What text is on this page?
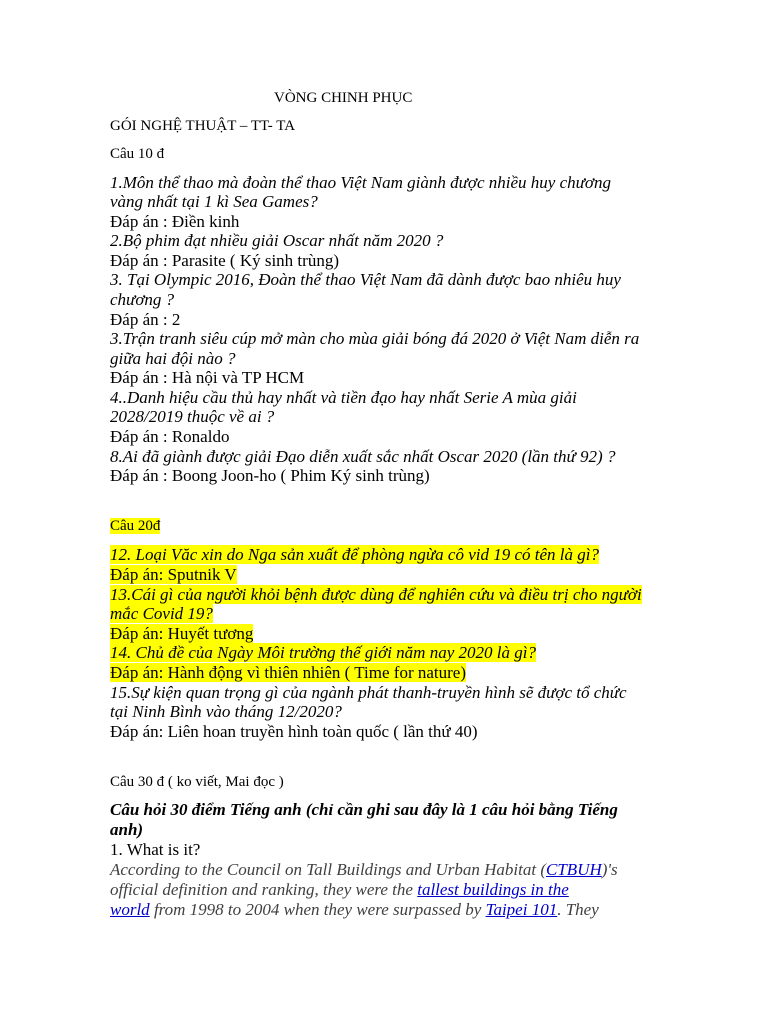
VÒNG CHINH PHỤC
GÓI NGHỆ THUẬT – TT- TA
Câu 10 đ
1.Môn thể thao mà đoàn thể thao Việt Nam giành được nhiều huy chương
vàng nhất tại 1 kì Sea Games?
Đáp án : Điền kinh
2.Bộ phim đạt nhiều giải Oscar nhất năm 2020 ?
Đáp án : Parasite ( Ký sinh trùng)
3. Tại Olympic 2016, Đoàn thể thao Việt Nam đã dành được bao nhiêu huy
chương ?
Đáp án : 2
3.Trận tranh siêu cúp mở màn cho mùa giải bóng đá 2020 ở Việt Nam diễn ra
giữa hai đội nào ?
Đáp án : Hà nội và TP HCM
4..Danh hiệu cầu thủ hay nhất và tiền đạo hay nhất Serie A mùa giải
2028/2019 thuộc về ai ?
Đáp án : Ronaldo
8.Ai đã giành được giải Đạo diễn xuất sắc nhất Oscar 2020 (lần thứ 92) ?
Đáp án : Boong Joon-ho ( Phim Ký sinh trùng)
Câu 20đ
12. Loại Văc xin do Nga sản xuất để phòng ngừa cô vid 19 có tên là gì?
Đáp án: Sputnik V
13.Cái gì của người khỏi bệnh được dùng để nghiên cứu và điều trị cho người
mắc Covid 19?
Đáp án: Huyết tương
14. Chủ đề của Ngày Môi trường thế giới năm nay 2020 là gì?
Đáp án: Hành động vì thiên nhiên ( Time for nature)
15.Sự kiện quan trọng gì của ngành phát thanh-truyền hình sẽ được tổ chức
tại Ninh Bình vào tháng 12/2020?
Đáp án: Liên hoan truyền hình toàn quốc ( lần thứ 40)
Câu 30 đ ( ko viết, Mai đọc )
Câu hỏi 30 điểm Tiếng anh (chỉ cần ghi sau đây là 1 câu hỏi bằng Tiếng
anh)
1. What is it?
According to the Council on Tall Buildings and Urban Habitat (CTBUH)'s
official definition and ranking, they were the tallest buildings in the
world from 1998 to 2004 when they were surpassed by Taipei 101. They
